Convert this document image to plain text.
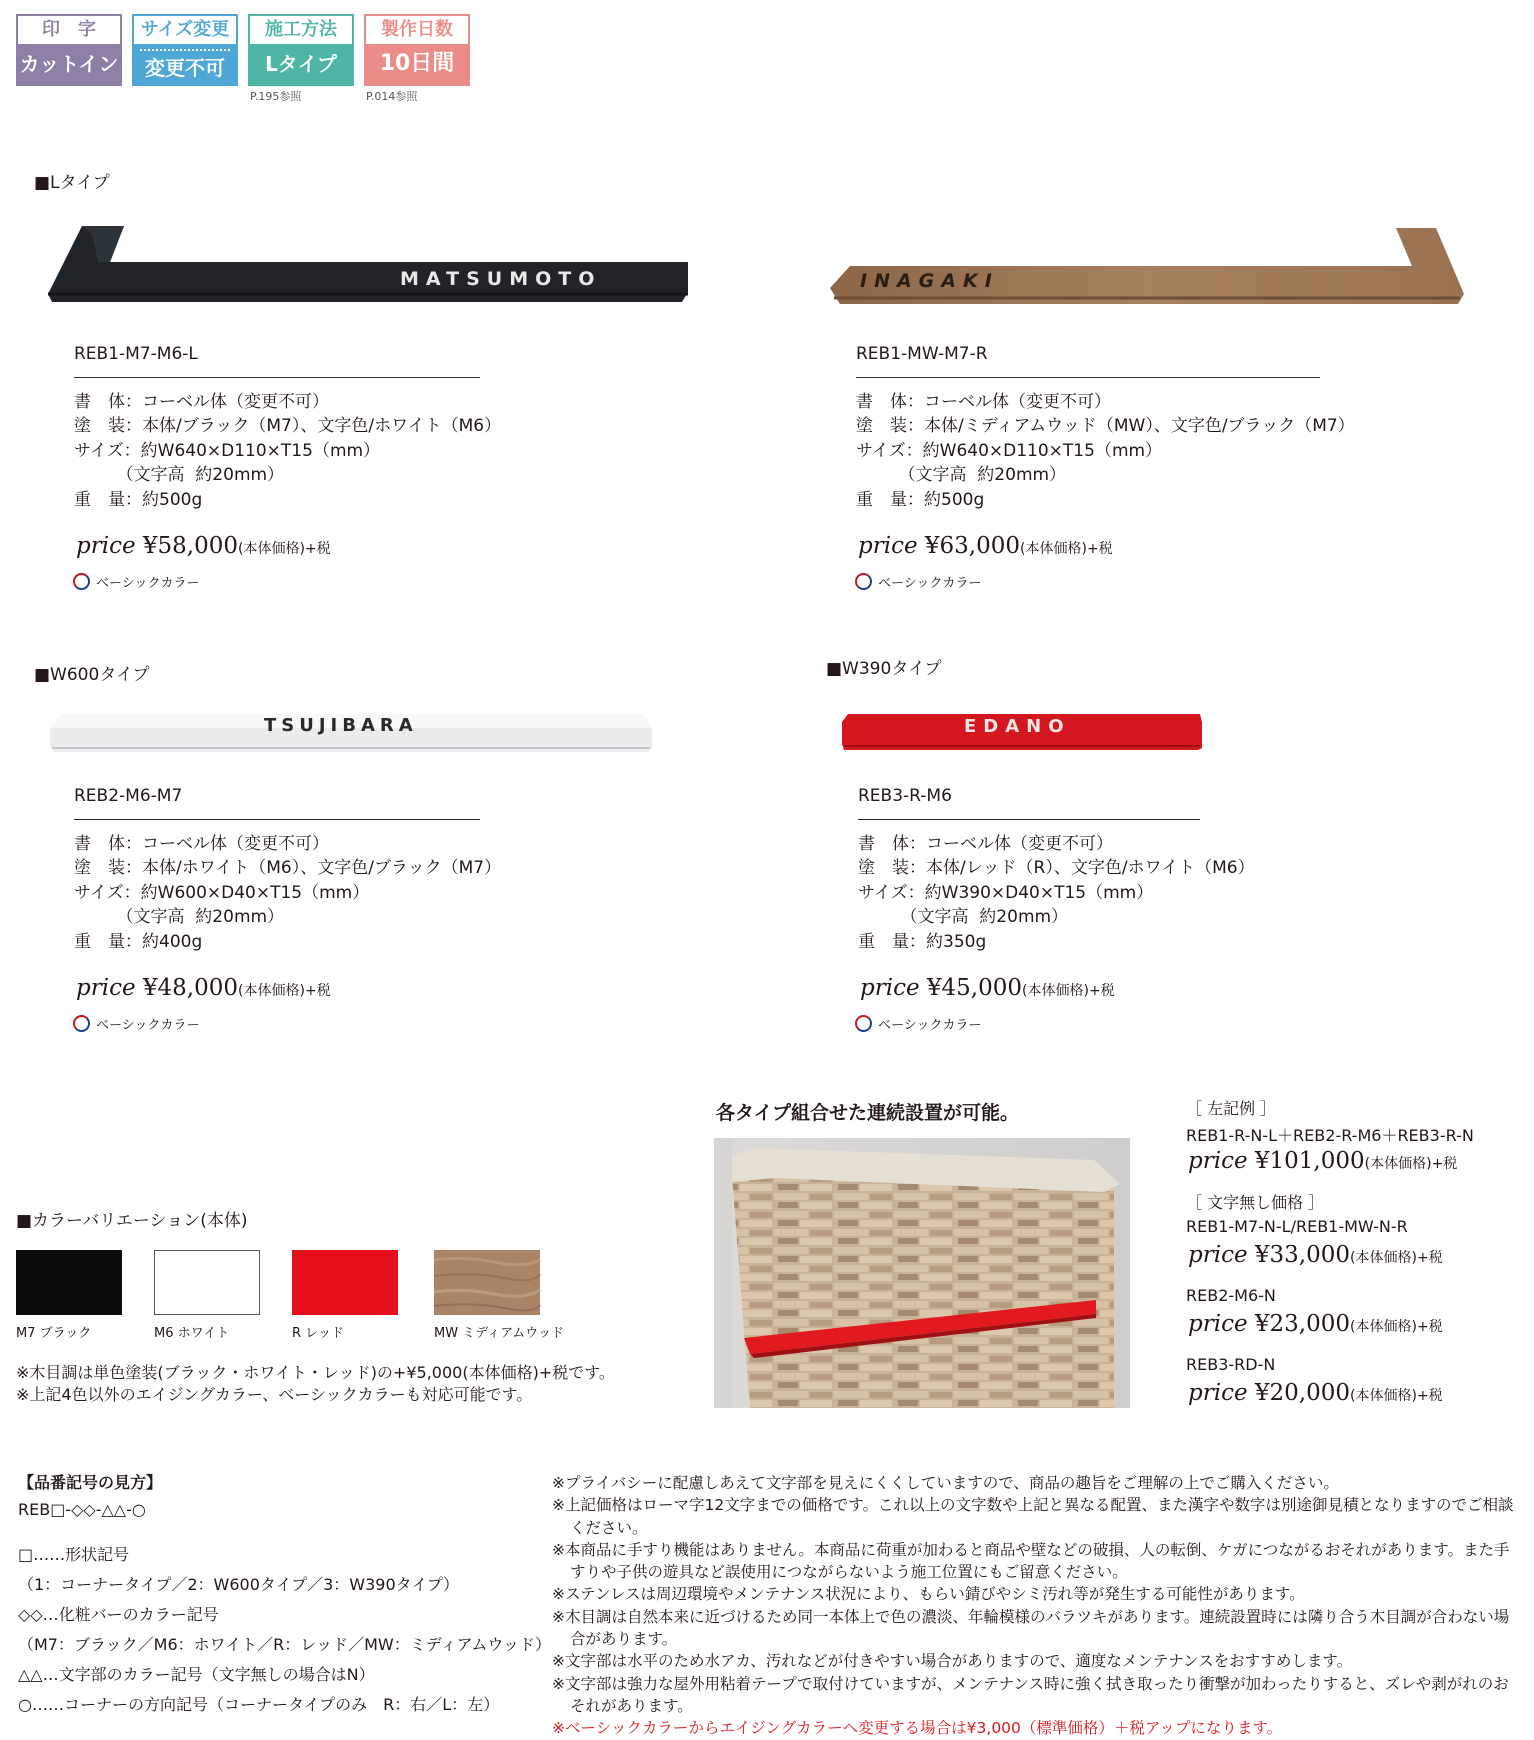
印　字
カットイン
サイズ変更
変更不可
施工方法
Lタイプ
P.195参照
製作日数
10日間
P.014参照
■Lタイプ
MATSUMOTO	INAGAKI
REB1-M7-M6-L
書　体：コーベル体（変更不可）
塗　装：本体/ブラック（M7）、文字色/ホワイト（M6）
サイズ：約W640×D110×T15（mm）
　　　（文字高  約20mm）
重　量：約500g
price ¥58,000(本体価格)+税
ベーシックカラー
REB1-MW-M7-R
書　体：コーベル体（変更不可）
塗　装：本体/ミディアムウッド（MW）、文字色/ブラック（M7）
サイズ：約W640×D110×T15（mm）
　　　（文字高  約20mm）
重　量：約500g
price ¥63,000(本体価格)+税
ベーシックカラー
■W600タイプ	■W390タイプ
TSUJIBARA	EDANO
REB2-M6-M7
書　体：コーベル体（変更不可）
塗　装：本体/ホワイト（M6）、文字色/ブラック（M7）
サイズ：約W600×D40×T15（mm）
　　　（文字高  約20mm）
重　量：約400g
price ¥48,000(本体価格)+税
ベーシックカラー
REB3-R-M6
書　体：コーベル体（変更不可）
塗　装：本体/レッド（R）、文字色/ホワイト（M6）
サイズ：約W390×D40×T15（mm）
　　　（文字高  約20mm）
重　量：約350g
price ¥45,000(本体価格)+税
ベーシックカラー
各タイプ組合せた連続設置が可能。	［ 左記例 ］
REB1-R-N-L＋REB2-R-M6＋REB3-R-N
price ¥101,000(本体価格)+税
［ 文字無し価格 ］
REB1-M7-N-L/REB1-MW-N-R
price ¥33,000(本体価格)+税
REB2-M6-N
price ¥23,000(本体価格)+税
REB3-RD-N
price ¥20,000(本体価格)+税
■カラーバリエーション(本体)
M7 ブラック	M6 ホワイト	R レッド	MW ミディアムウッド
※木目調は単色塗装(ブラック・ホワイト・レッド)の+¥5,000(本体価格)+税です。
※上記4色以外のエイジングカラー、ベーシックカラーも対応可能です。
【品番記号の見方】
REB□-◇◇-△△-○
□……形状記号
（1：コーナータイプ／2：W600タイプ／3：W390タイプ）
◇◇…化粧バーのカラー記号
（M7：ブラック／M6：ホワイト／R：レッド／MW：ミディアムウッド）
△△…文字部のカラー記号（文字無しの場合はN）
○……コーナーの方向記号（コーナータイプのみ　R：右／L：左）
※プライバシーに配慮しあえて文字部を見えにくくしていますので、商品の趣旨をご理解の上でご購入ください。
※上記価格はローマ字12文字までの価格です。これ以上の文字数や上記と異なる配置、また漢字や数字は別途御見積となりますのでご相談ください。
※本商品に手すり機能はありません。本商品に荷重が加わると商品や壁などの破損、人の転倒、ケガにつながるおそれがあります。また手すりや子供の遊具など誤使用につながらないよう施工位置にもご留意ください。
※ステンレスは周辺環境やメンテナンス状況により、もらい錆びやシミ汚れ等が発生する可能性があります。
※木目調は自然本来に近づけるため同一本体上で色の濃淡、年輪模様のバラツキがあります。連続設置時には隣り合う木目調が合わない場合があります。
※文字部は水平のため水アカ、汚れなどが付きやすい場合がありますので、適度なメンテナンスをおすすめします。
※文字部は強力な屋外用粘着テープで取付けていますが、メンテナンス時に強く拭き取ったり衝撃が加わったりすると、ズレや剥がれのおそれがあります。
※ベーシックカラーからエイジングカラーへ変更する場合は¥3,000（標準価格）＋税アップになります。
